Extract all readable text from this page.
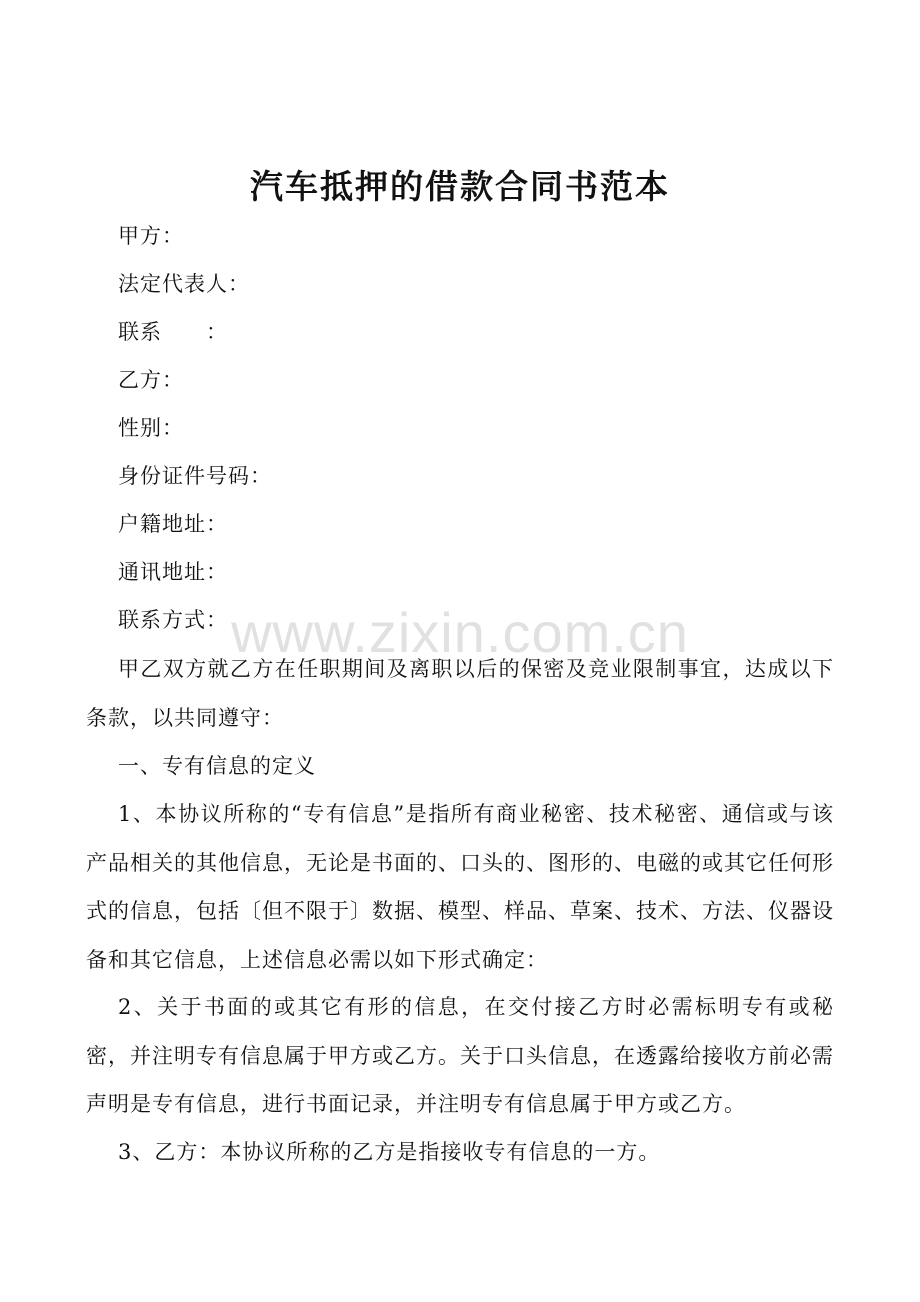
汽车抵押的借款合同书范本
甲方：
法定代表人：
联系　　：
乙方：
性别：
身份证件号码：
户籍地址：
通讯地址：
联系方式：
甲乙双方就乙方在任职期间及离职以后的保密及竞业限制事宜，达成以下条款，以共同遵守：
一、专有信息的定义
1、本协议所称的“专有信息”是指所有商业秘密、技术秘密、通信或与该产品相关的其他信息，无论是书面的、口头的、图形的、电磁的或其它任何形式的信息，包括〔但不限于〕数据、模型、样品、草案、技术、方法、仪器设备和其它信息，上述信息必需以如下形式确定：
2、关于书面的或其它有形的信息，在交付接乙方时必需标明专有或秘密，并注明专有信息属于甲方或乙方。关于口头信息，在透露给接收方前必需声明是专有信息，进行书面记录，并注明专有信息属于甲方或乙方。
3、乙方：本协议所称的乙方是指接收专有信息的一方。
www.zixin.com.cn
